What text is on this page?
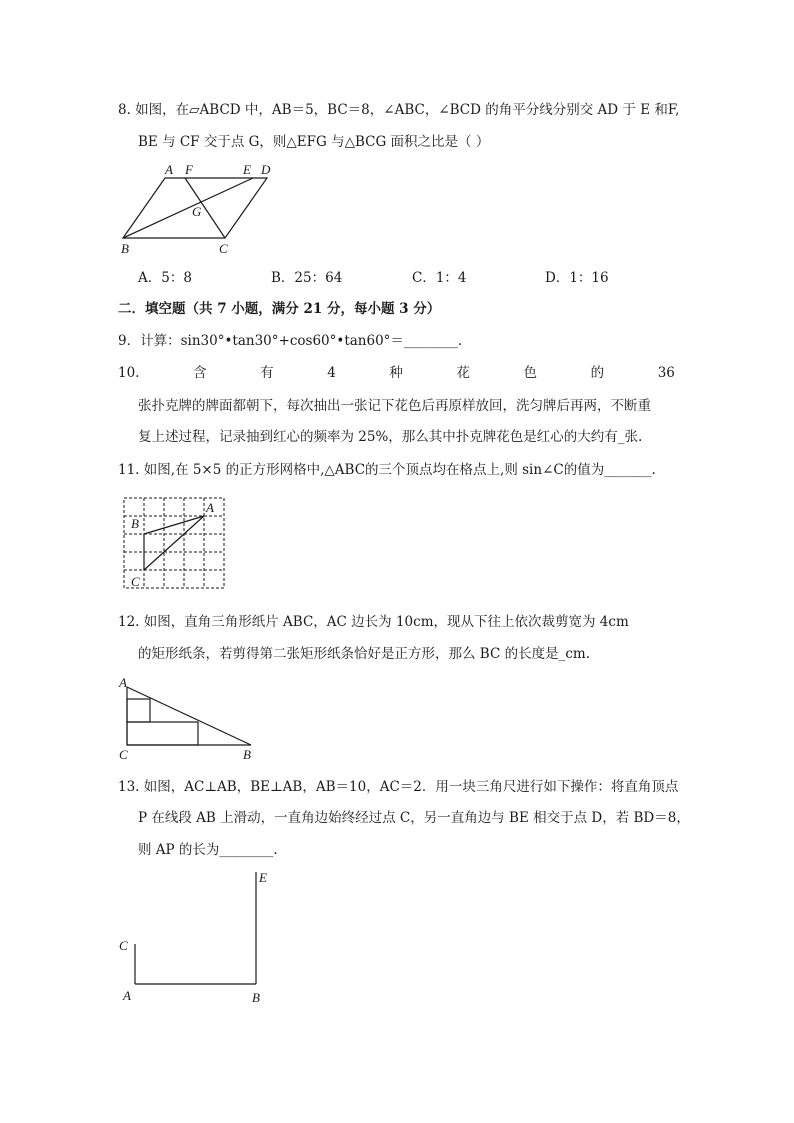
8. 如图，在▱ABCD 中，AB＝5，BC＝8，∠ABC，∠BCD 的角平分线分别交 AD 于 E 和F,
BE 与 CF 交于点 G，则△EFG 与△BCG 面积之比是（ ）
A F	E D
G
B	C
A．5：8	B．25：64	C．1：4	D．1：16
二．填空题（共 7 小题，满分 21 分，每小题 3 分）
9．计算：sin30°•tan30°+cos60°•tan60°＝________.
10.	含	有	4	种	花	色	的	36
张扑克牌的牌面都朝下，每次抽出一张记下花色后再原样放回，洗匀牌后再两，不断重
复上述过程，记录抽到红心的频率为 25%，那么其中扑克牌花色是红心的大约有_张.
11. 如图,在 5×5 的正方形网格中,△ABC的三个顶点均在格点上,则 sin∠C的值为_______.
A
B
C
12. 如图，直角三角形纸片 ABC，AC 边长为 10cm，现从下往上依次裁剪宽为 4cm
的矩形纸条，若剪得第二张矩形纸条恰好是正方形，那么 BC 的长度是_cm.
A
C	B
13. 如图，AC⊥AB，BE⊥AB，AB＝10，AC＝2．用一块三角尺进行如下操作：将直角顶点
P 在线段 AB 上滑动，一直角边始终经过点 C，另一直角边与 BE 相交于点 D，若 BD＝8，
则 AP 的长为________.
E
C
A	B
